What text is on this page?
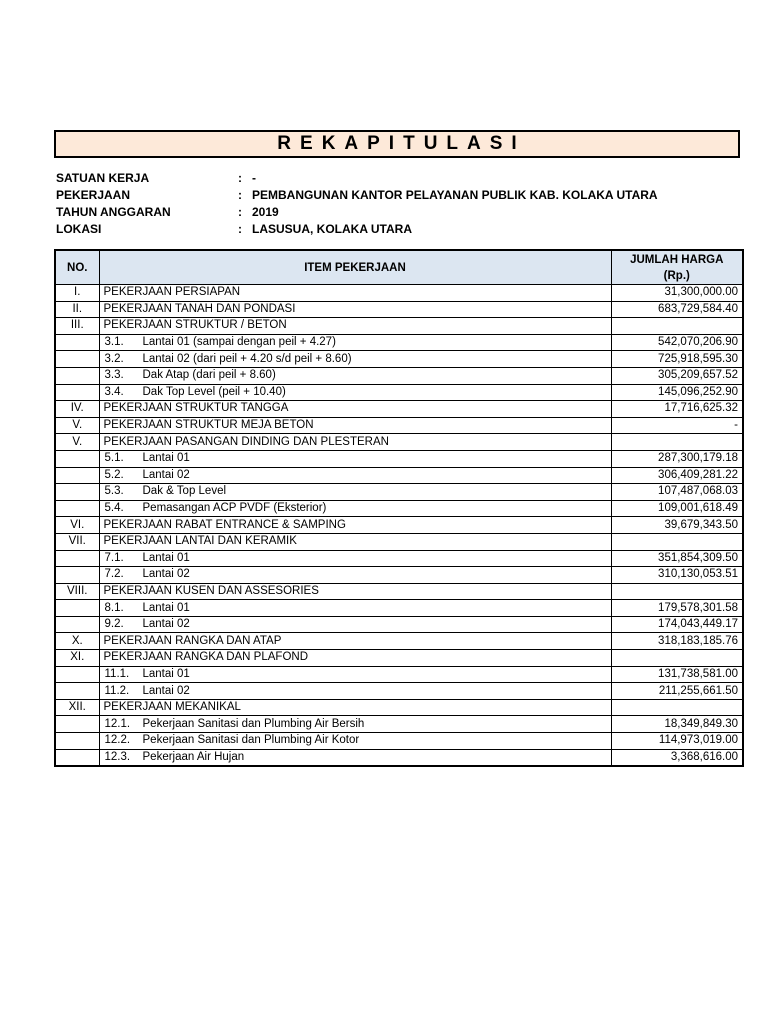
REKAPITULASI
SATUAN KERJA	: -
PEKERJAAN	: PEMBANGUNAN KANTOR PELAYANAN PUBLIK KAB. KOLAKA UTARA
TAHUN ANGGARAN	: 2019
LOKASI	: LASUSUA, KOLAKA UTARA
NO.	ITEM PEKERJAAN	JUMLAH HARGA
(Rp.)

I.	PEKERJAAN PERSIAPAN	31,300,000.00
II.	PEKERJAAN TANAH DAN PONDASI	683,729,584.40
III.	PEKERJAAN STRUKTUR / BETON	
	3.1. Lantai 01 (sampai dengan peil + 4.27)	542,070,206.90
	3.2. Lantai 02 (dari peil + 4.20 s/d peil + 8.60)	725,918,595.30
	3.3. Dak Atap (dari peil + 8.60)	305,209,657.52
	3.4. Dak Top Level (peil + 10.40)	145,096,252.90
IV.	PEKERJAAN STRUKTUR TANGGA	17,716,625.32
V.	PEKERJAAN STRUKTUR MEJA BETON	-
V.	PEKERJAAN PASANGAN DINDING DAN PLESTERAN	
	5.1. Lantai 01	287,300,179.18
	5.2. Lantai 02	306,409,281.22
	5.3. Dak & Top Level	107,487,068.03
	5.4. Pemasangan ACP PVDF (Eksterior)	109,001,618.49
VI.	PEKERJAAN RABAT ENTRANCE & SAMPING	39,679,343.50
VII.	PEKERJAAN LANTAI DAN KERAMIK	
	7.1. Lantai 01	351,854,309.50
	7.2. Lantai 02	310,130,053.51
VIII.	PEKERJAAN KUSEN DAN ASSESORIES	
	8.1. Lantai 01	179,578,301.58
	9.2. Lantai 02	174,043,449.17
X.	PEKERJAAN RANGKA DAN ATAP	318,183,185.76
XI.	PEKERJAAN RANGKA DAN PLAFOND	
	11.1. Lantai 01	131,738,581.00
	11.2. Lantai 02	211,255,661.50
XII.	PEKERJAAN MEKANIKAL	
	12.1. Pekerjaan Sanitasi dan Plumbing Air Bersih	18,349,849.30
	12.2. Pekerjaan Sanitasi dan Plumbing Air Kotor	114,973,019.00
	12.3. Pekerjaan Air Hujan	3,368,616.00
